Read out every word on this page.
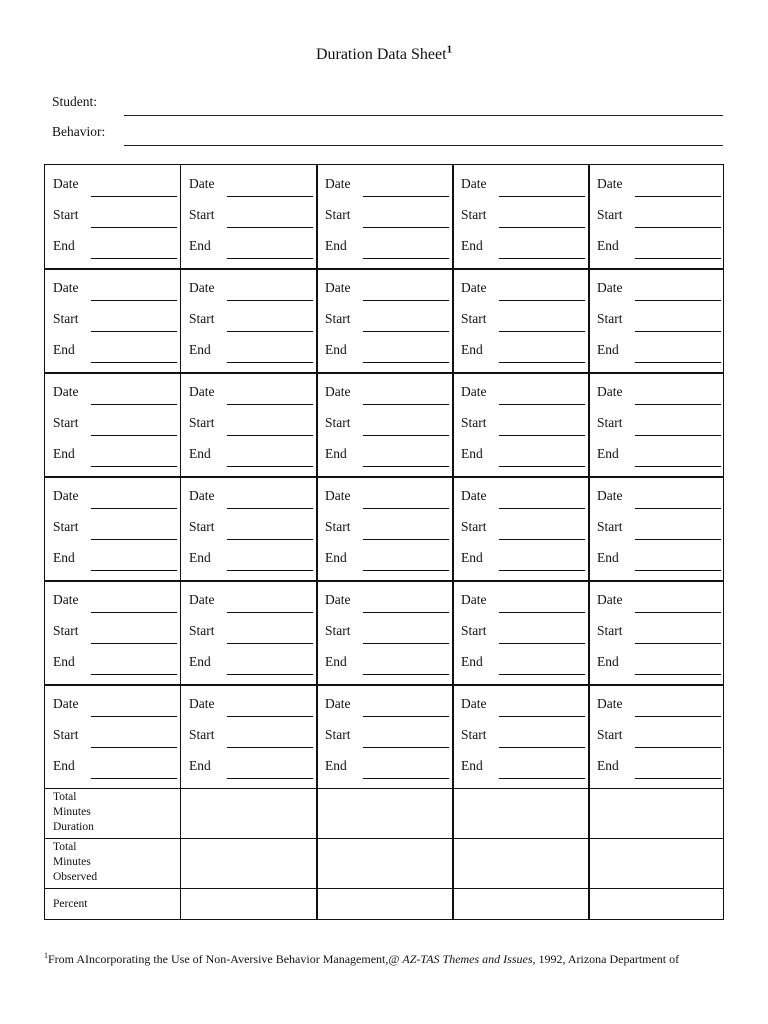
Duration Data Sheet$^1$
Student:
Behavior:
Date
Start
End
Date
Start
End
Date
Start
End
Date
Start
End
Date
Start
End
Date
Start
End
Date
Start
End
Date
Start
End
Date
Start
End
Date
Start
End
Date
Start
End
Date
Start
End
Date
Start
End
Date
Start
End
Date
Start
End
Date
Start
End
Date
Start
End
Date
Start
End
Date
Start
End
Date
Start
End
Date
Start
End
Date
Start
End
Date
Start
End
Date
Start
End
Date
Start
End
Date
Start
End
Date
Start
End
Date
Start
End
Date
Start
End
Date
Start
End
Total
Minutes
Duration
Total
Minutes
Observed
Percent
$^1$From AIncorporating the Use of Non-Aversive Behavior Management,@ AZ-TAS Themes and Issues, 1992, Arizona Department of
